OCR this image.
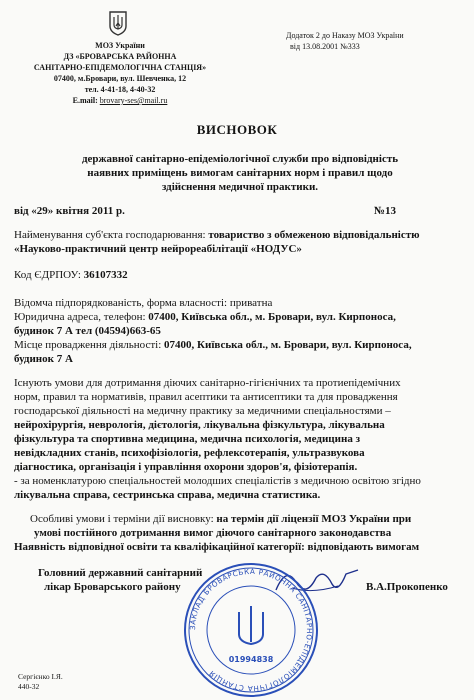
МОЗ України
ДЗ «БРОВАРСЬКА РАЙОННА
САНІТАРНО-ЕПІДЕМОЛОГІЧНА СТАНЦІЯ»
07400, м.Бровари, вул. Шевченка, 12
тел. 4-41-18, 4-40-32
E.mail: brovary-ses@mail.ru
Додаток 2 до Наказу МОЗ України
від 13.08.2001 №333
ВИСНОВОК
державної санітарно-епідеміологічної служби про відповідність
наявних приміщень вимогам санітарних норм і правил щодо
здійснення медичної практики.
від «29» квітня 2011 р.	№13
Найменування суб'єкта господарювання: товариство з обмеженою відповідальністю
«Науково-практичний центр нейрореабілітації «НОДУС»
Код ЄДРПОУ: 36107332
Відомча підпорядкованість, форма власності: приватна
Юридична адреса, телефон: 07400, Київська обл., м. Бровари, вул. Кирпоноса,
будинок 7 А тел (04594)663-65
Місце провадження діяльності: 07400, Київська обл., м. Бровари, вул. Кирпоноса,
будинок 7 А
Існують умови для дотримання діючих санітарно-гігієнічних та протиепідемічних
норм, правил та нормативів, правил асептики та антисептики та для провадження
господарської діяльності на медичну практику за медичними спеціальностями –
нейрохірургія, неврологія, дієтологія, лікувальна фізкультура, лікувальна
фізкультура та спортивна медицина, медична психологія, медицина з
невідкладних станів, психофізіологія, рефлексотерапія, ультразвукова
діагностика, організація і управління охорони здоров'я, фізіотерапія.
- за номенклатурою спеціальностей молодших спеціалістів з медичною освітою згідно
лікувальна справа, сестринська справа, медична статистика.
Особливі умови і терміни дії висновку: на термін дії ліцензії МОЗ України при
умові постійного дотримання вимог діючого санітарного законодавства
Наявність відповідної освіти та кваліфікаційної категорії: відповідають вимогам
Головний державний санітарний
лікар Броварського району	В.А.Прокопенко
ЗАКЛАД БРОВАРСЬКА РАЙОННА САНІТАРНО-ЕПІДЕМІОЛОГІЧНА СТАНЦІЯ
01994838
Сергієнко І.Я.
440-32
